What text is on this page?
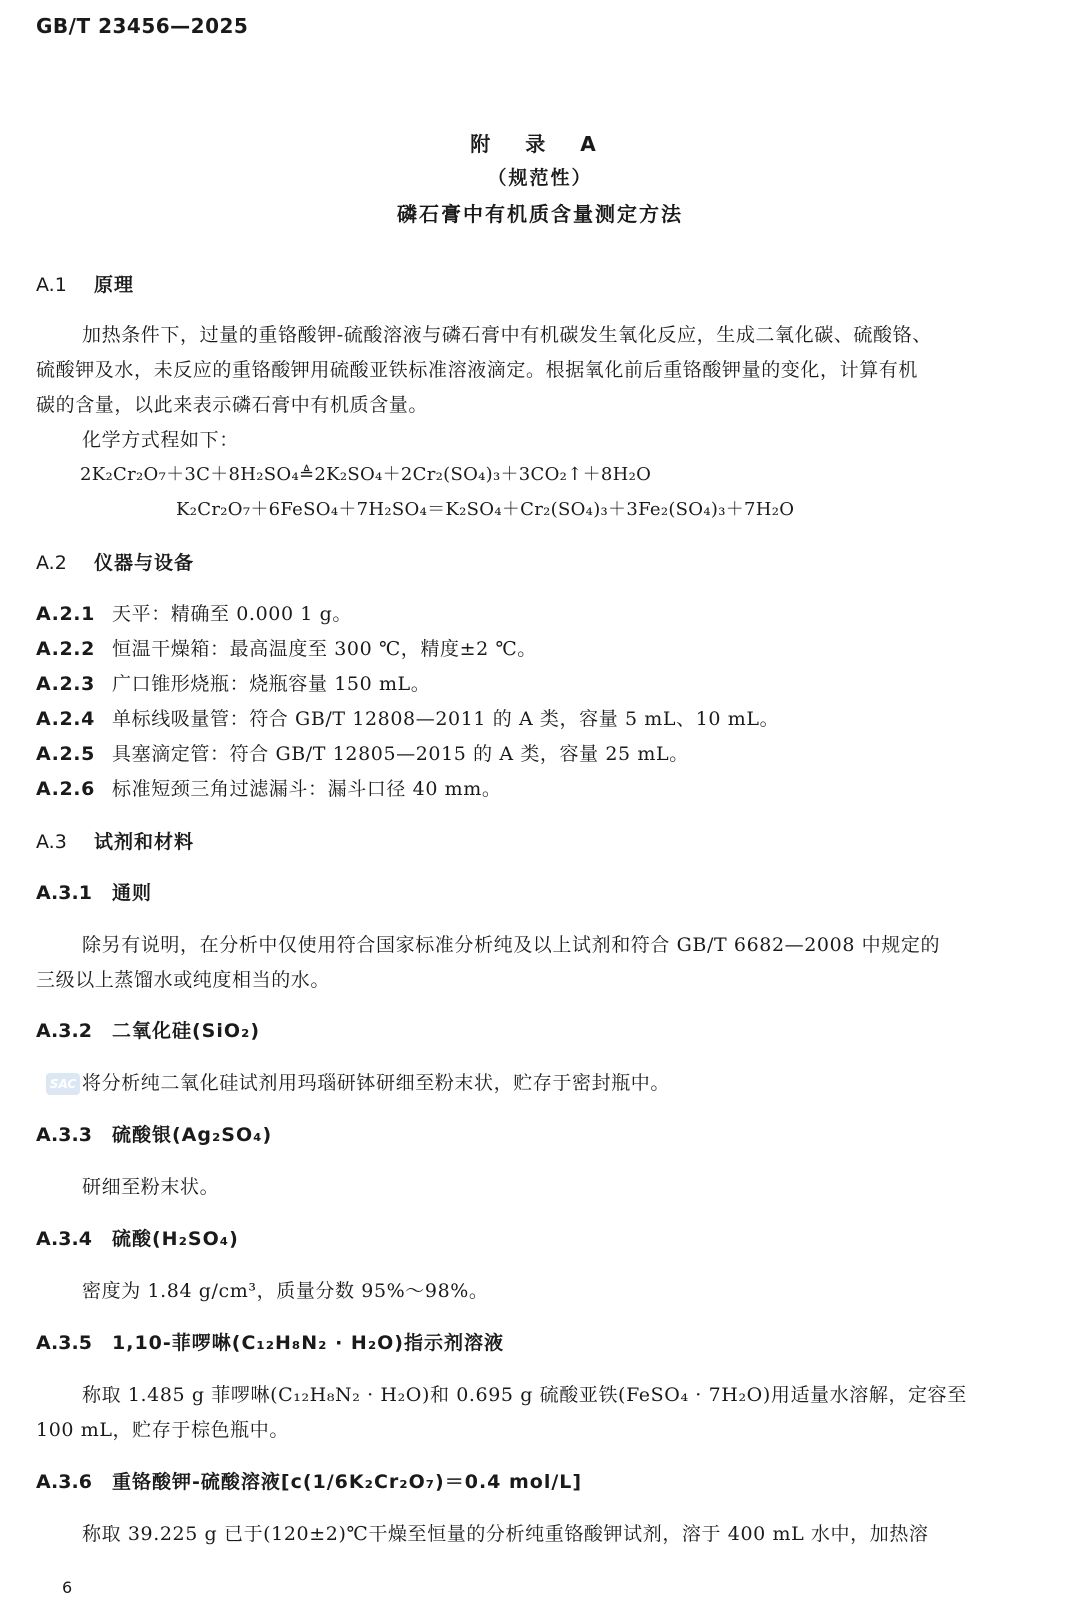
GB/T 23456—2025
附 录 A
（规范性）
磷石膏中有机质含量测定方法
A.1 原理
加热条件下，过量的重铬酸钾-硫酸溶液与磷石膏中有机碳发生氧化反应，生成二氧化碳、硫酸铬、
硫酸钾及水，未反应的重铬酸钾用硫酸亚铁标准溶液滴定。根据氧化前后重铬酸钾量的变化，计算有机
碳的含量，以此来表示磷石膏中有机质含量。
化学方式程如下：
2K₂Cr₂O₇＋3C＋8H₂SO₄≜2K₂SO₄＋2Cr₂(SO₄)₃＋3CO₂↑＋8H₂O
K₂Cr₂O₇＋6FeSO₄＋7H₂SO₄＝K₂SO₄＋Cr₂(SO₄)₃＋3Fe₂(SO₄)₃＋7H₂O
A.2 仪器与设备
A.2.1 天平：精确至 0.000 1 g。
A.2.2 恒温干燥箱：最高温度至 300 ℃，精度±2 ℃。
A.2.3 广口锥形烧瓶：烧瓶容量 150 mL。
A.2.4 单标线吸量管：符合 GB/T 12808—2011 的 A 类，容量 5 mL、10 mL。
A.2.5 具塞滴定管：符合 GB/T 12805—2015 的 A 类，容量 25 mL。
A.2.6 标准短颈三角过滤漏斗：漏斗口径 40 mm。
A.3 试剂和材料
A.3.1 通则
除另有说明，在分析中仅使用符合国家标准分析纯及以上试剂和符合 GB/T 6682—2008 中规定的
三级以上蒸馏水或纯度相当的水。
A.3.2 二氧化硅(SiO₂)
SAC 将分析纯二氧化硅试剂用玛瑙研钵研细至粉末状，贮存于密封瓶中。
A.3.3 硫酸银(Ag₂SO₄)
研细至粉末状。
A.3.4 硫酸(H₂SO₄)
密度为 1.84 g/cm³，质量分数 95%～98%。
A.3.5 1,10-菲啰啉(C₁₂H₈N₂ · H₂O)指示剂溶液
称取 1.485 g 菲啰啉(C₁₂H₈N₂ · H₂O)和 0.695 g 硫酸亚铁(FeSO₄ · 7H₂O)用适量水溶解，定容至
100 mL，贮存于棕色瓶中。
A.3.6 重铬酸钾-硫酸溶液[c(1/6K₂Cr₂O₇)＝0.4 mol/L]
称取 39.225 g 已于(120±2)℃干燥至恒量的分析纯重铬酸钾试剂，溶于 400 mL 水中，加热溶
6
